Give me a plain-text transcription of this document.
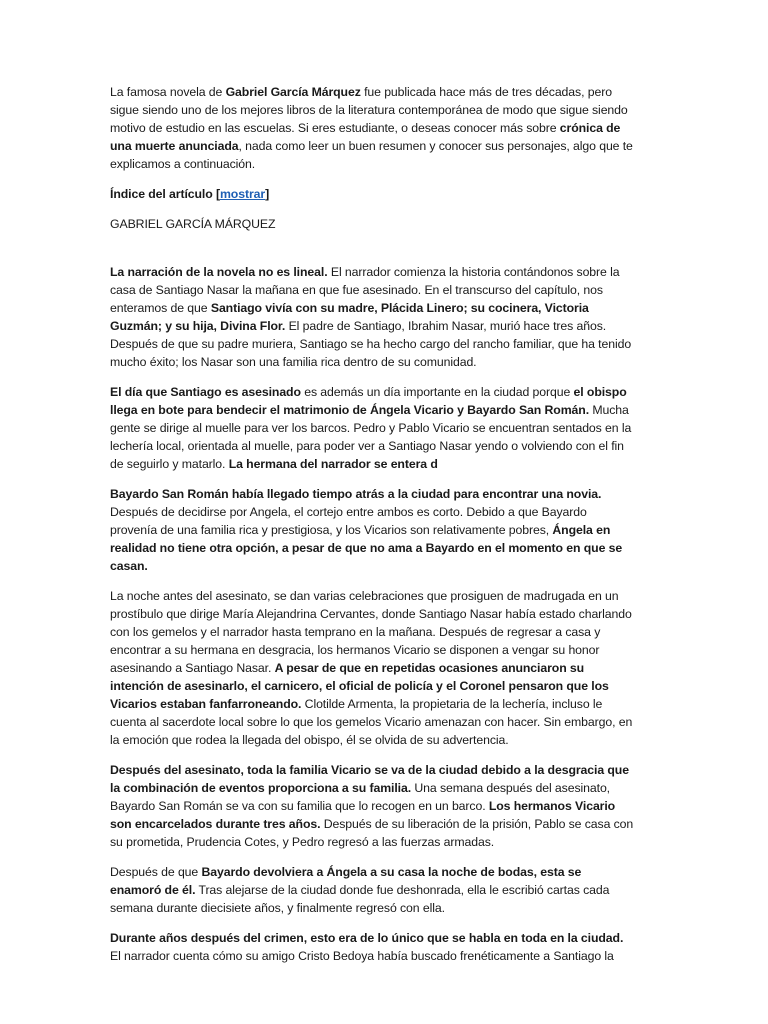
La famosa novela de Gabriel García Márquez fue publicada hace más de tres décadas, pero sigue siendo uno de los mejores libros de la literatura contemporánea de modo que sigue siendo motivo de estudio en las escuelas. Si eres estudiante, o deseas conocer más sobre crónica de una muerte anunciada, nada como leer un buen resumen y conocer sus personajes, algo que te explicamos a continuación.

Índice del artículo [mostrar]

GABRIEL GARCÍA MÁRQUEZ

La narración de la novela no es lineal. El narrador comienza la historia contándonos sobre la casa de Santiago Nasar la mañana en que fue asesinado. En el transcurso del capítulo, nos enteramos de que Santiago vivía con su madre, Plácida Linero; su cocinera, Victoria Guzmán; y su hija, Divina Flor. El padre de Santiago, Ibrahim Nasar, murió hace tres años. Después de que su padre muriera, Santiago se ha hecho cargo del rancho familiar, que ha tenido mucho éxito; los Nasar son una familia rica dentro de su comunidad.

El día que Santiago es asesinado es además un día importante en la ciudad porque el obispo llega en bote para bendecir el matrimonio de Ángela Vicario y Bayardo San Román. Mucha gente se dirige al muelle para ver los barcos. Pedro y Pablo Vicario se encuentran sentados en la lechería local, orientada al muelle, para poder ver a Santiago Nasar yendo o volviendo con el fin de seguirlo y matarlo. La hermana del narrador se entera d

Bayardo San Román había llegado tiempo atrás a la ciudad para encontrar una novia. Después de decidirse por Angela, el cortejo entre ambos es corto. Debido a que Bayardo provenía de una familia rica y prestigiosa, y los Vicarios son relativamente pobres, Ángela en realidad no tiene otra opción, a pesar de que no ama a Bayardo en el momento en que se casan.

La noche antes del asesinato, se dan varias celebraciones que prosiguen de madrugada en un prostíbulo que dirige María Alejandrina Cervantes, donde Santiago Nasar había estado charlando con los gemelos y el narrador hasta temprano en la mañana. Después de regresar a casa y encontrar a su hermana en desgracia, los hermanos Vicario se disponen a vengar su honor asesinando a Santiago Nasar. A pesar de que en repetidas ocasiones anunciaron su intención de asesinarlo, el carnicero, el oficial de policía y el Coronel pensaron que los Vicarios estaban fanfarroneando. Clotilde Armenta, la propietaria de la lechería, incluso le cuenta al sacerdote local sobre lo que los gemelos Vicario amenazan con hacer. Sin embargo, en la emoción que rodea la llegada del obispo, él se olvida de su advertencia.

Después del asesinato, toda la familia Vicario se va de la ciudad debido a la desgracia que la combinación de eventos proporciona a su familia. Una semana después del asesinato, Bayardo San Román se va con su familia que lo recogen en un barco. Los hermanos Vicario son encarcelados durante tres años. Después de su liberación de la prisión, Pablo se casa con su prometida, Prudencia Cotes, y Pedro regresó a las fuerzas armadas.

Después de que Bayardo devolviera a Ángela a su casa la noche de bodas, esta se enamoró de él. Tras alejarse de la ciudad donde fue deshonrada, ella le escribió cartas cada semana durante diecisiete años, y finalmente regresó con ella.

Durante años después del crimen, esto era de lo único que se habla en toda en la ciudad. El narrador cuenta cómo su amigo Cristo Bedoya había buscado frenéticamente a Santiago la
